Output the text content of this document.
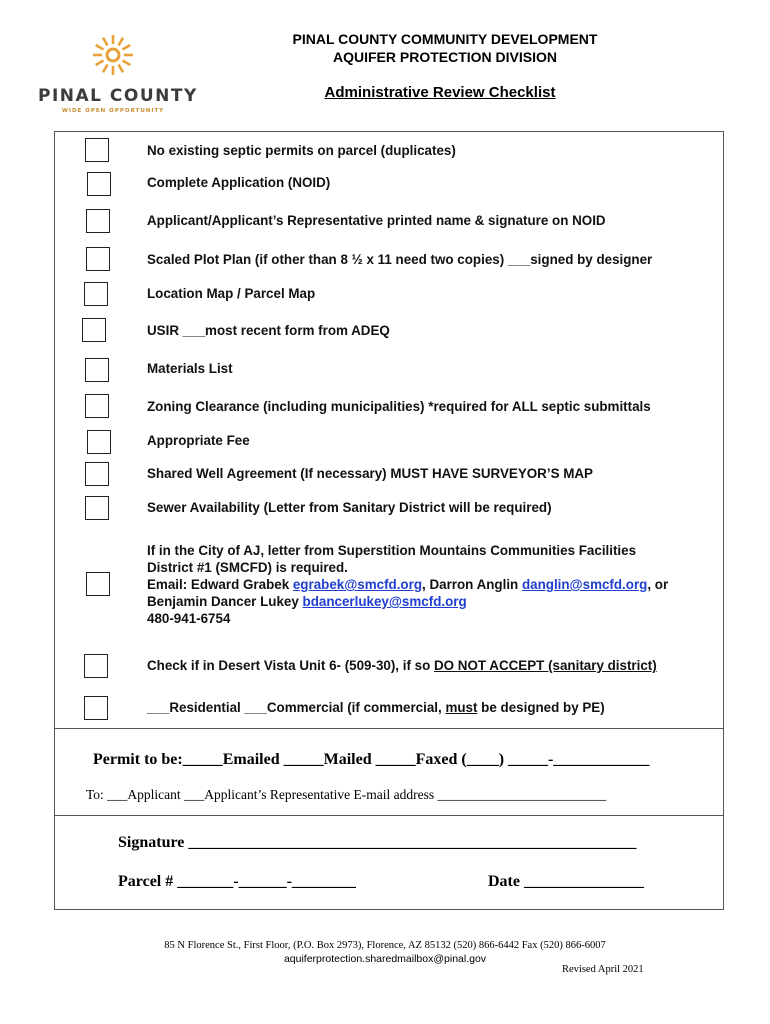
PINAL COUNTY
WIDE OPEN OPPORTUNITY
PINAL COUNTY COMMUNITY DEVELOPMENT
AQUIFER PROTECTION DIVISION
Administrative Review Checklist
No existing septic permits on parcel (duplicates)
Complete Application (NOID)
Applicant/Applicant’s Representative printed name & signature on NOID
Scaled Plot Plan (if other than 8 ½ x 11 need two copies) ___signed by designer
Location Map / Parcel Map
USIR ___most recent form from ADEQ
Materials List
Zoning Clearance (including municipalities) *required for ALL septic submittals
Appropriate Fee
Shared Well Agreement (If necessary) MUST HAVE SURVEYOR’S MAP
Sewer Availability (Letter from Sanitary District will be required)
If in the City of AJ, letter from Superstition Mountains Communities Facilities
District #1 (SMCFD) is required.
Email: Edward Grabek egrabek@smcfd.org, Darron Anglin danglin@smcfd.org, or
Benjamin Dancer Lukey bdancerlukey@smcfd.org
480-941-6754
Check if in Desert Vista Unit 6- (509-30), if so DO NOT ACCEPT (sanitary district)
___Residential ___Commercial (if commercial, must be designed by PE)
Permit to be:_____Emailed _____Mailed _____Faxed (____) _____-____________
To: ___Applicant ___Applicant’s Representative E-mail address _________________________
Signature ________________________________________________________
Parcel # _______-______-________	Date _______________
85 N Florence St., First Floor, (P.O. Box 2973), Florence, AZ 85132 (520) 866-6442 Fax (520) 866-6007
aquiferprotection.sharedmailbox@pinal.gov
Revised April 2021
